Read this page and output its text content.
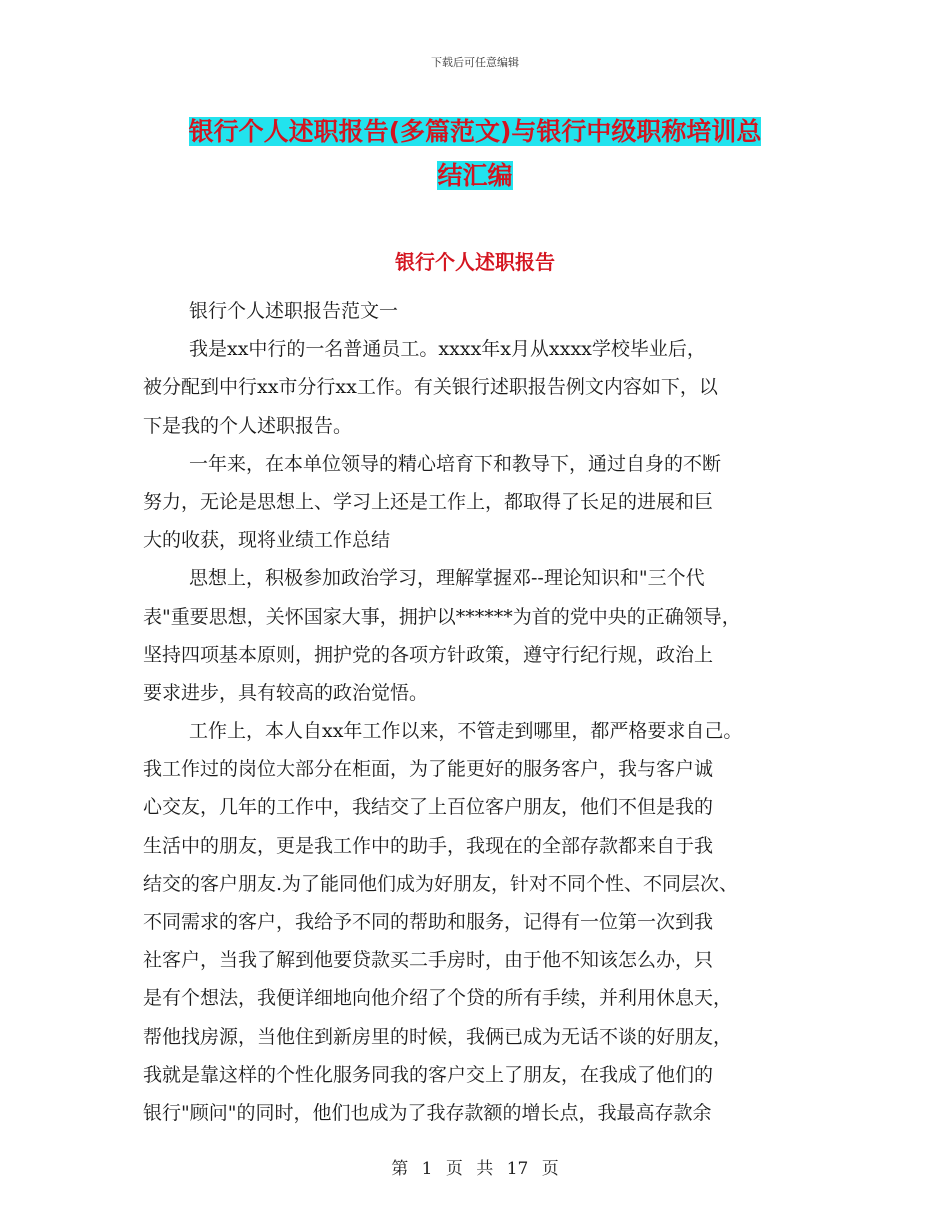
下载后可任意编辑
银行个人述职报告(多篇范文)与银行中级职称培训总
结汇编
银行个人述职报告
银行个人述职报告范文一
我是xx中行的一名普通员工。xxxx年x月从xxxx学校毕业后，
被分配到中行xx市分行xx工作。有关银行述职报告例文内容如下，以
下是我的个人述职报告。
一年来，在本单位领导的精心培育下和教导下，通过自身的不断
努力，无论是思想上、学习上还是工作上，都取得了长足的进展和巨
大的收获，现将业绩工作总结
思想上，积极参加政治学习，理解掌握邓--理论知识和"三个代
表"重要思想，关怀国家大事，拥护以******为首的党中央的正确领导，
坚持四项基本原则，拥护党的各项方针政策，遵守行纪行规，政治上
要求进步，具有较高的政治觉悟。
工作上，本人自xx年工作以来，不管走到哪里，都严格要求自己。
我工作过的岗位大部分在柜面，为了能更好的服务客户，我与客户诚
心交友，几年的工作中，我结交了上百位客户朋友，他们不但是我的
生活中的朋友，更是我工作中的助手，我现在的全部存款都来自于我
结交的客户朋友.为了能同他们成为好朋友，针对不同个性、不同层次、
不同需求的客户，我给予不同的帮助和服务，记得有一位第一次到我
社客户，当我了解到他要贷款买二手房时，由于他不知该怎么办，只
是有个想法，我便详细地向他介绍了个贷的所有手续，并利用休息天，
帮他找房源，当他住到新房里的时候，我俩已成为无话不谈的好朋友，
我就是靠这样的个性化服务同我的客户交上了朋友，在我成了他们的
银行"顾问"的同时，他们也成为了我存款额的增长点，我最高存款余
第 1 页 共 17 页
